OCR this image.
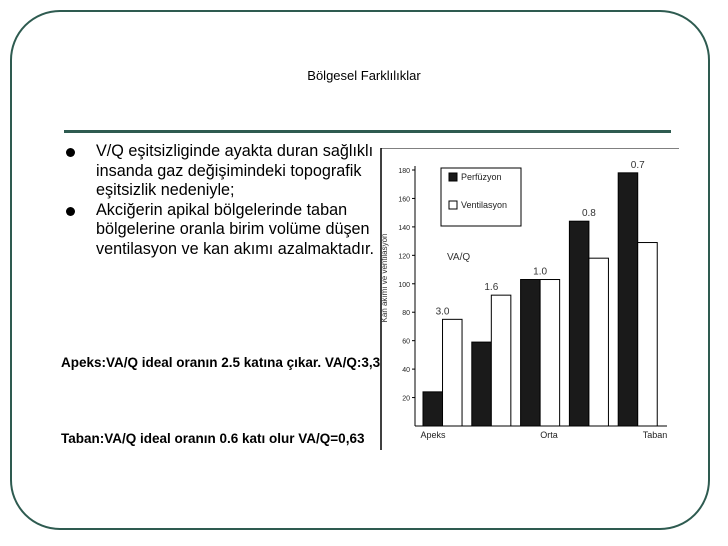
Bölgesel Farklılıklar
V/Q eşitsizliginde ayakta duran sağlıklı insanda gaz değişimindeki topografik eşitsizlik nedeniyle;
Akciğerin apikal bölgelerinde taban bölgelerine oranla birim volüme düşen ventilasyon ve kan akımı azalmaktadır.
Apeks:VA/Q ideal oranın 2.5 katına çıkar. VA/Q:3,3
Taban:VA/Q ideal oranın 0.6 katı olur VA/Q=0,63
20
40
60
80
100
120
140
160
180
3.0
1.6
1.0
0.8
0.7
Apeks	Orta	Taban
Perfüzyon
Ventilasyon
Kan akımı ve ventilasyon	VA/Q
